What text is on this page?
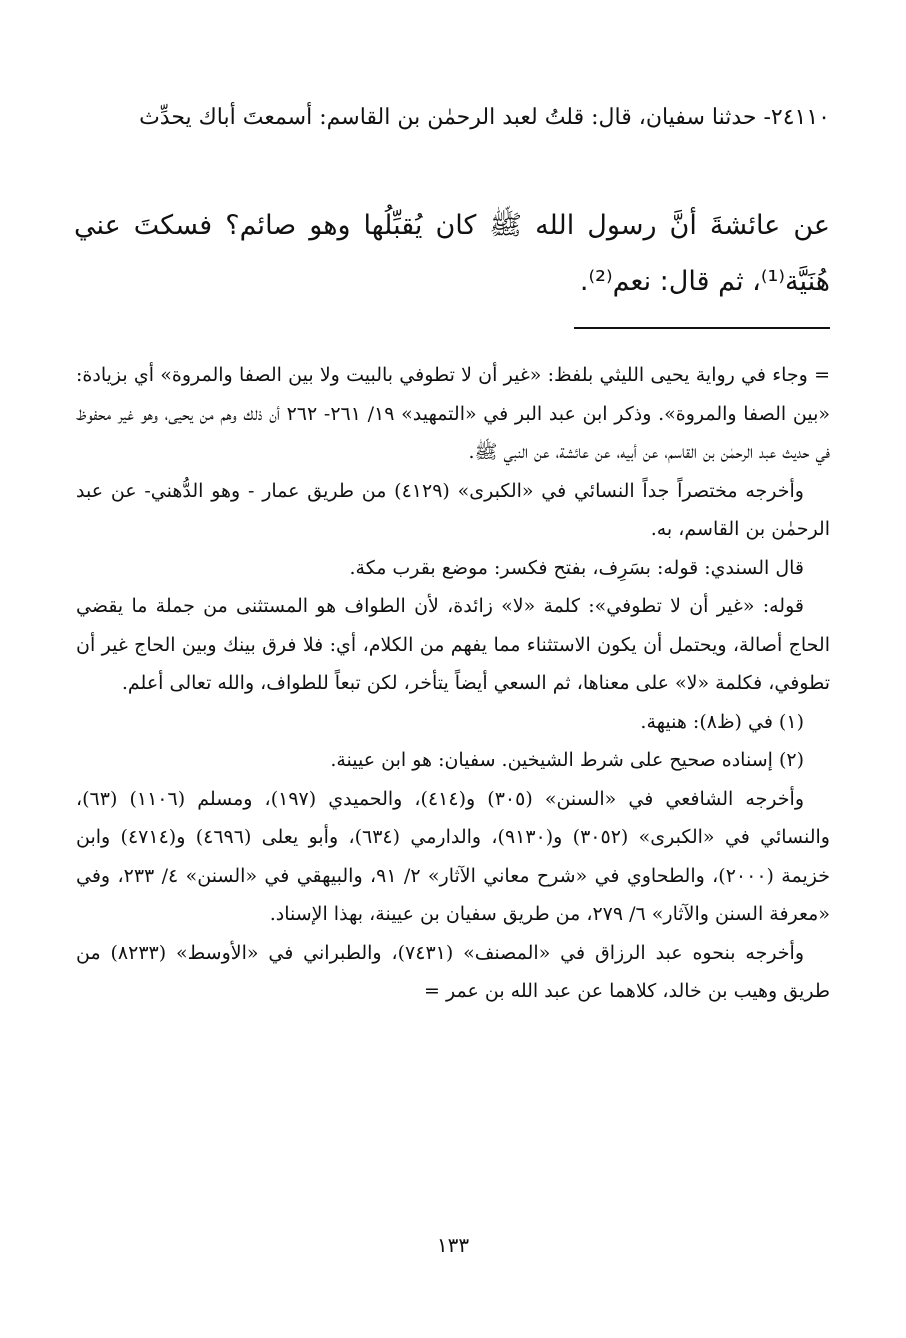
٢٤١١٠- حدثنا سفيان، قال: قلتُ لعبد الرحمٰن بن القاسم: أسمعتَ أباك يحدِّث
عن عائشةَ أنَّ رسول الله ﷺ كان يُقبِّلُها وهو صائم؟ فسكتَ عني هُنَيَّة⁽¹⁾، ثم قال: نعم⁽²⁾.

= وجاء في رواية يحيى الليثي بلفظ: «غير أن لا تطوفي بالبيت ولا بين الصفا والمروة» أي بزيادة: «بين الصفا والمروة». وذكر ابن عبد البر في «التمهيد» ١٩/ ٢٦١- ٢٦٢ أن ذلك وهم من يحيى، وهو غير محفوظ في حديث عبد الرحمٰن بن القاسم، عن أبيه، عن عائشة، عن النبي ﷺ.

وأخرجه مختصراً جداً النسائي في «الكبرى» (٤١٢٩) من طريق عمار - وهو الدُّهني- عن عبد الرحمٰن بن القاسم، به.

قال السندي: قوله: بسَرِف، بفتح فكسر: موضع بقرب مكة.

قوله: «غير أن لا تطوفي»: كلمة «لا» زائدة، لأن الطواف هو المستثنى من جملة ما يقضي الحاج أصالة، ويحتمل أن يكون الاستثناء مما يفهم من الكلام، أي: فلا فرق بينك وبين الحاج غير أن تطوفي، فكلمة «لا» على معناها، ثم السعي أيضاً يتأخر، لكن تبعاً للطواف، والله تعالى أعلم.

(١) في (ظ٨): هنيهة.

(٢) إسناده صحيح على شرط الشيخين. سفيان: هو ابن عيينة.

وأخرجه الشافعي في «السنن» (٣٠٥) و(٤١٤)، والحميدي (١٩٧)، ومسلم (١١٠٦) (٦٣)، والنسائي في «الكبرى» (٣٠٥٢) و(٩١٣٠)، والدارمي (٦٣٤)، وأبو يعلى (٤٦٩٦) و(٤٧١٤) وابن خزيمة (٢٠٠٠)، والطحاوي في «شرح معاني الآثار» ٢/ ٩١، والبيهقي في «السنن» ٤/ ٢٣٣، وفي «معرفة السنن والآثار» ٦/ ٢٧٩، من طريق سفيان بن عيينة، بهذا الإسناد.

وأخرجه بنحوه عبد الرزاق في «المصنف» (٧٤٣١)، والطبراني في «الأوسط» (٨٢٣٣) من طريق وهيب بن خالد، كلاهما عن عبد الله بن عمر =

١٣٣
